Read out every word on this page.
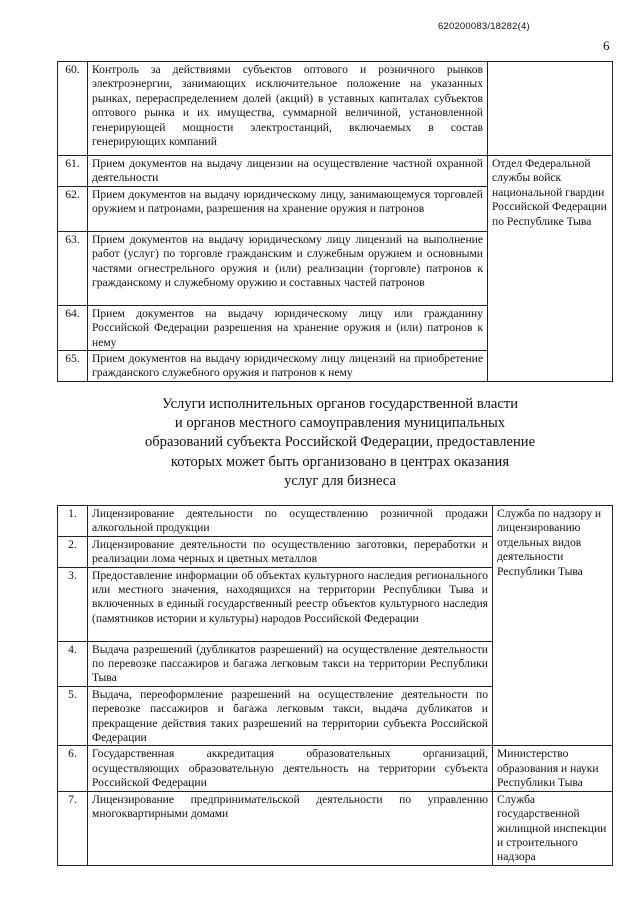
620200083/18282(4)
6
60.	Контроль за действиями субъектов оптового и розничного рынков электроэнергии, занимающих исключительное положение на указанных рынках, перераспределением долей (акций) в уставных капиталах субъектов оптового рынка и их имущества, суммарной величиной, установленной генерирующей мощности электростанций, включаемых в состав генерирующих компаний	
61.	Прием документов на выдачу лицензии на осуществление частной охранной деятельности	Отдел Федеральной службы войск национальной гвардии Российской Федерации по Республике Тыва
62.	Прием документов на выдачу юридическому лицу, занимающемуся торговлей оружием и патронами, разрешения на хранение оружия и патронов	
63.	Прием документов на выдачу юридическому лицу лицензий на выполнение работ (услуг) по торговле гражданским и служебным оружием и основными частями огнестрельного оружия и (или) реализации (торговле) патронов к гражданскому и служебному оружию и составных частей патронов	
64.	Прием документов на выдачу юридическому лицу или гражданину Российской Федерации разрешения на хранение оружия и (или) патронов к нему	
65.	Прием документов на выдачу юридическому лицу лицензий на приобретение гражданского служебного оружия и патронов к нему	
Услуги исполнительных органов государственной власти
и органов местного самоуправления муниципальных
образований субъекта Российской Федерации, предоставление
которых может быть организовано в центрах оказания
услуг для бизнеса
1.	Лицензирование деятельности по осуществлению розничной продажи алкогольной продукции	Служба по надзору и лицензированию отдельных видов деятельности Республики Тыва
2.	Лицензирование деятельности по осуществлению заготовки, переработки и реализации лома черных и цветных металлов	
3.	Предоставление информации об объектах культурного наследия регионального или местного значения, находящихся на территории Республики Тыва и включенных в единый государственный реестр объектов культурного наследия (памятников истории и культуры) народов Российской Федерации	
4.	Выдача разрешений (дубликатов разрешений) на осуществление деятельности по перевозке пассажиров и багажа легковым такси на территории Республики Тыва	
5.	Выдача, переоформление разрешений на осуществление деятельности по перевозке пассажиров и багажа легковым такси, выдача дубликатов и прекращение действия таких разрешений на территории субъекта Российской Федерации	
6.	Государственная аккредитация образовательных организаций, осуществляющих образовательную деятельность на территории субъекта Российской Федерации	Министерство образования и науки Республики Тыва
7.	Лицензирование предпринимательской деятельности по управлению многоквартирными домами	Служба государственной жилищной инспекции и строительного надзора
